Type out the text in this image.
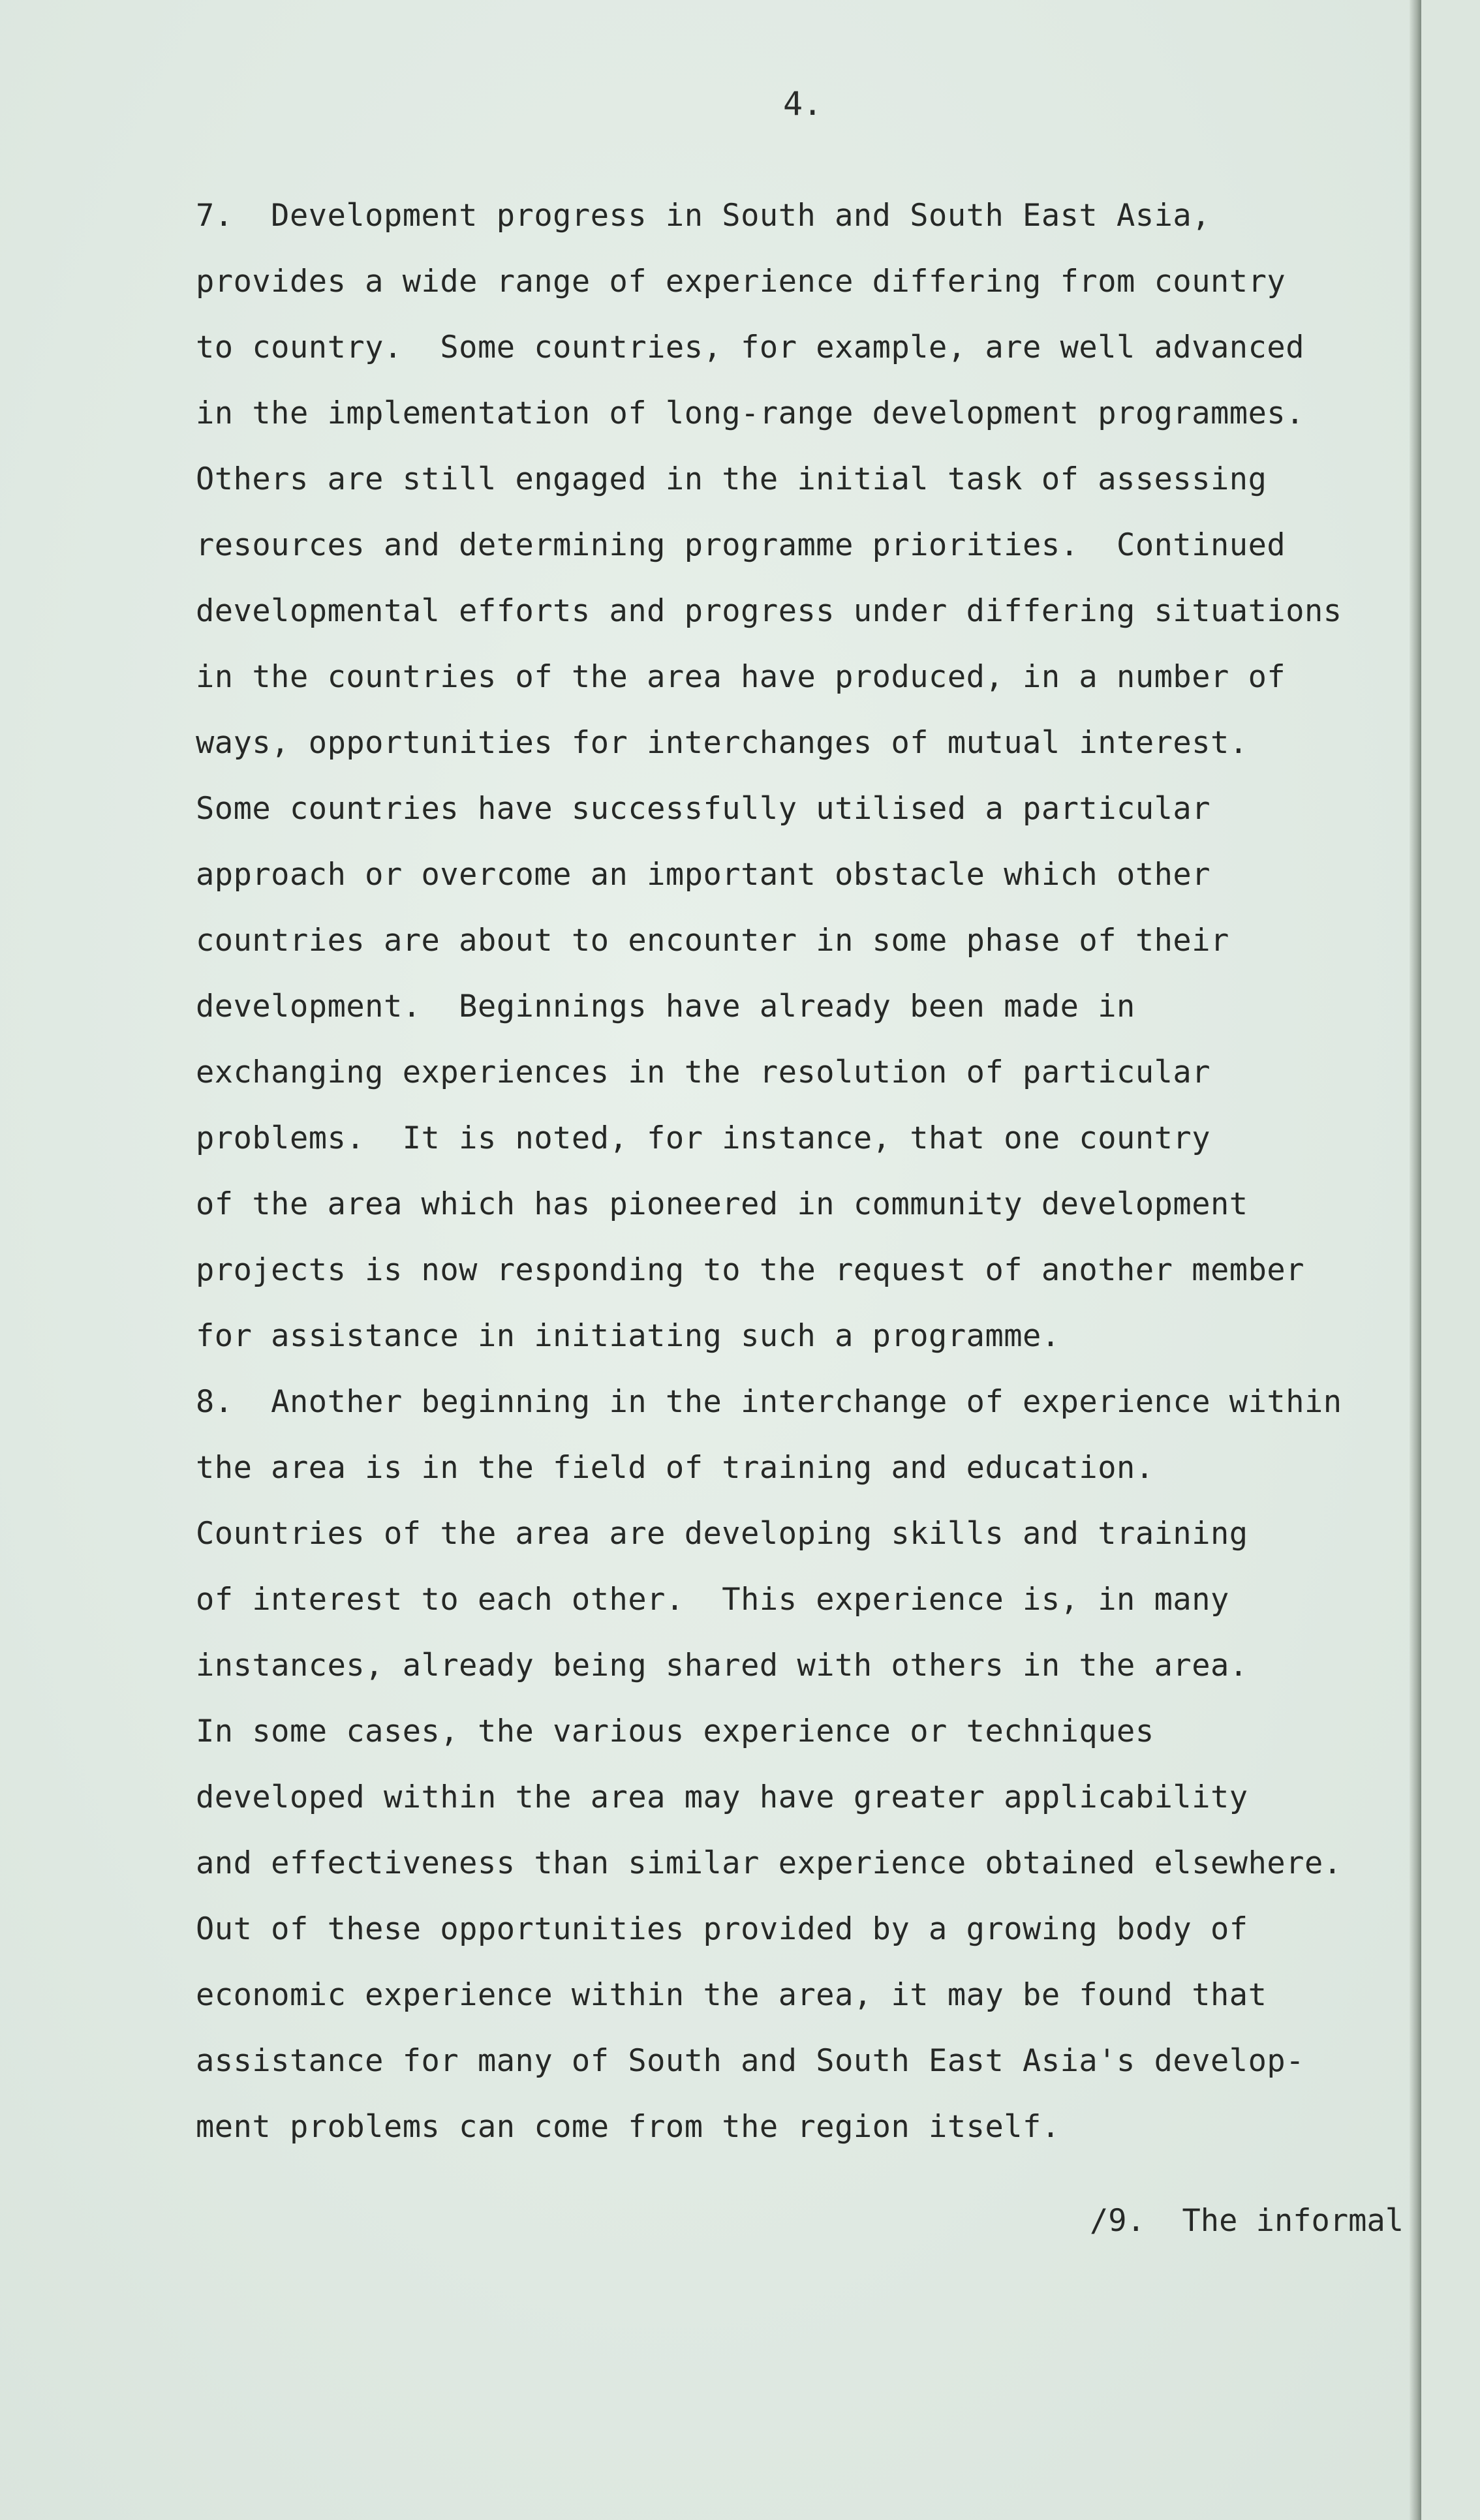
4.
7.  Development progress in South and South East Asia,
provides a wide range of experience differing from country
to country.  Some countries, for example, are well advanced
in the implementation of long-range development programmes.
Others are still engaged in the initial task of assessing
resources and determining programme priorities.  Continued
developmental efforts and progress under differing situations
in the countries of the area have produced, in a number of
ways, opportunities for interchanges of mutual interest.
Some countries have successfully utilised a particular
approach or overcome an important obstacle which other
countries are about to encounter in some phase of their
development.  Beginnings have already been made in
exchanging experiences in the resolution of particular
problems.  It is noted, for instance, that one country
of the area which has pioneered in community development
projects is now responding to the request of another member
for assistance in initiating such a programme.
8.  Another beginning in the interchange of experience within
the area is in the field of training and education.
Countries of the area are developing skills and training
of interest to each other.  This experience is, in many
instances, already being shared with others in the area.
In some cases, the various experience or techniques
developed within the area may have greater applicability
and effectiveness than similar experience obtained elsewhere.
Out of these opportunities provided by a growing body of
economic experience within the area, it may be found that
assistance for many of South and South East Asia's develop-
ment problems can come from the region itself.
/9.  The informal
